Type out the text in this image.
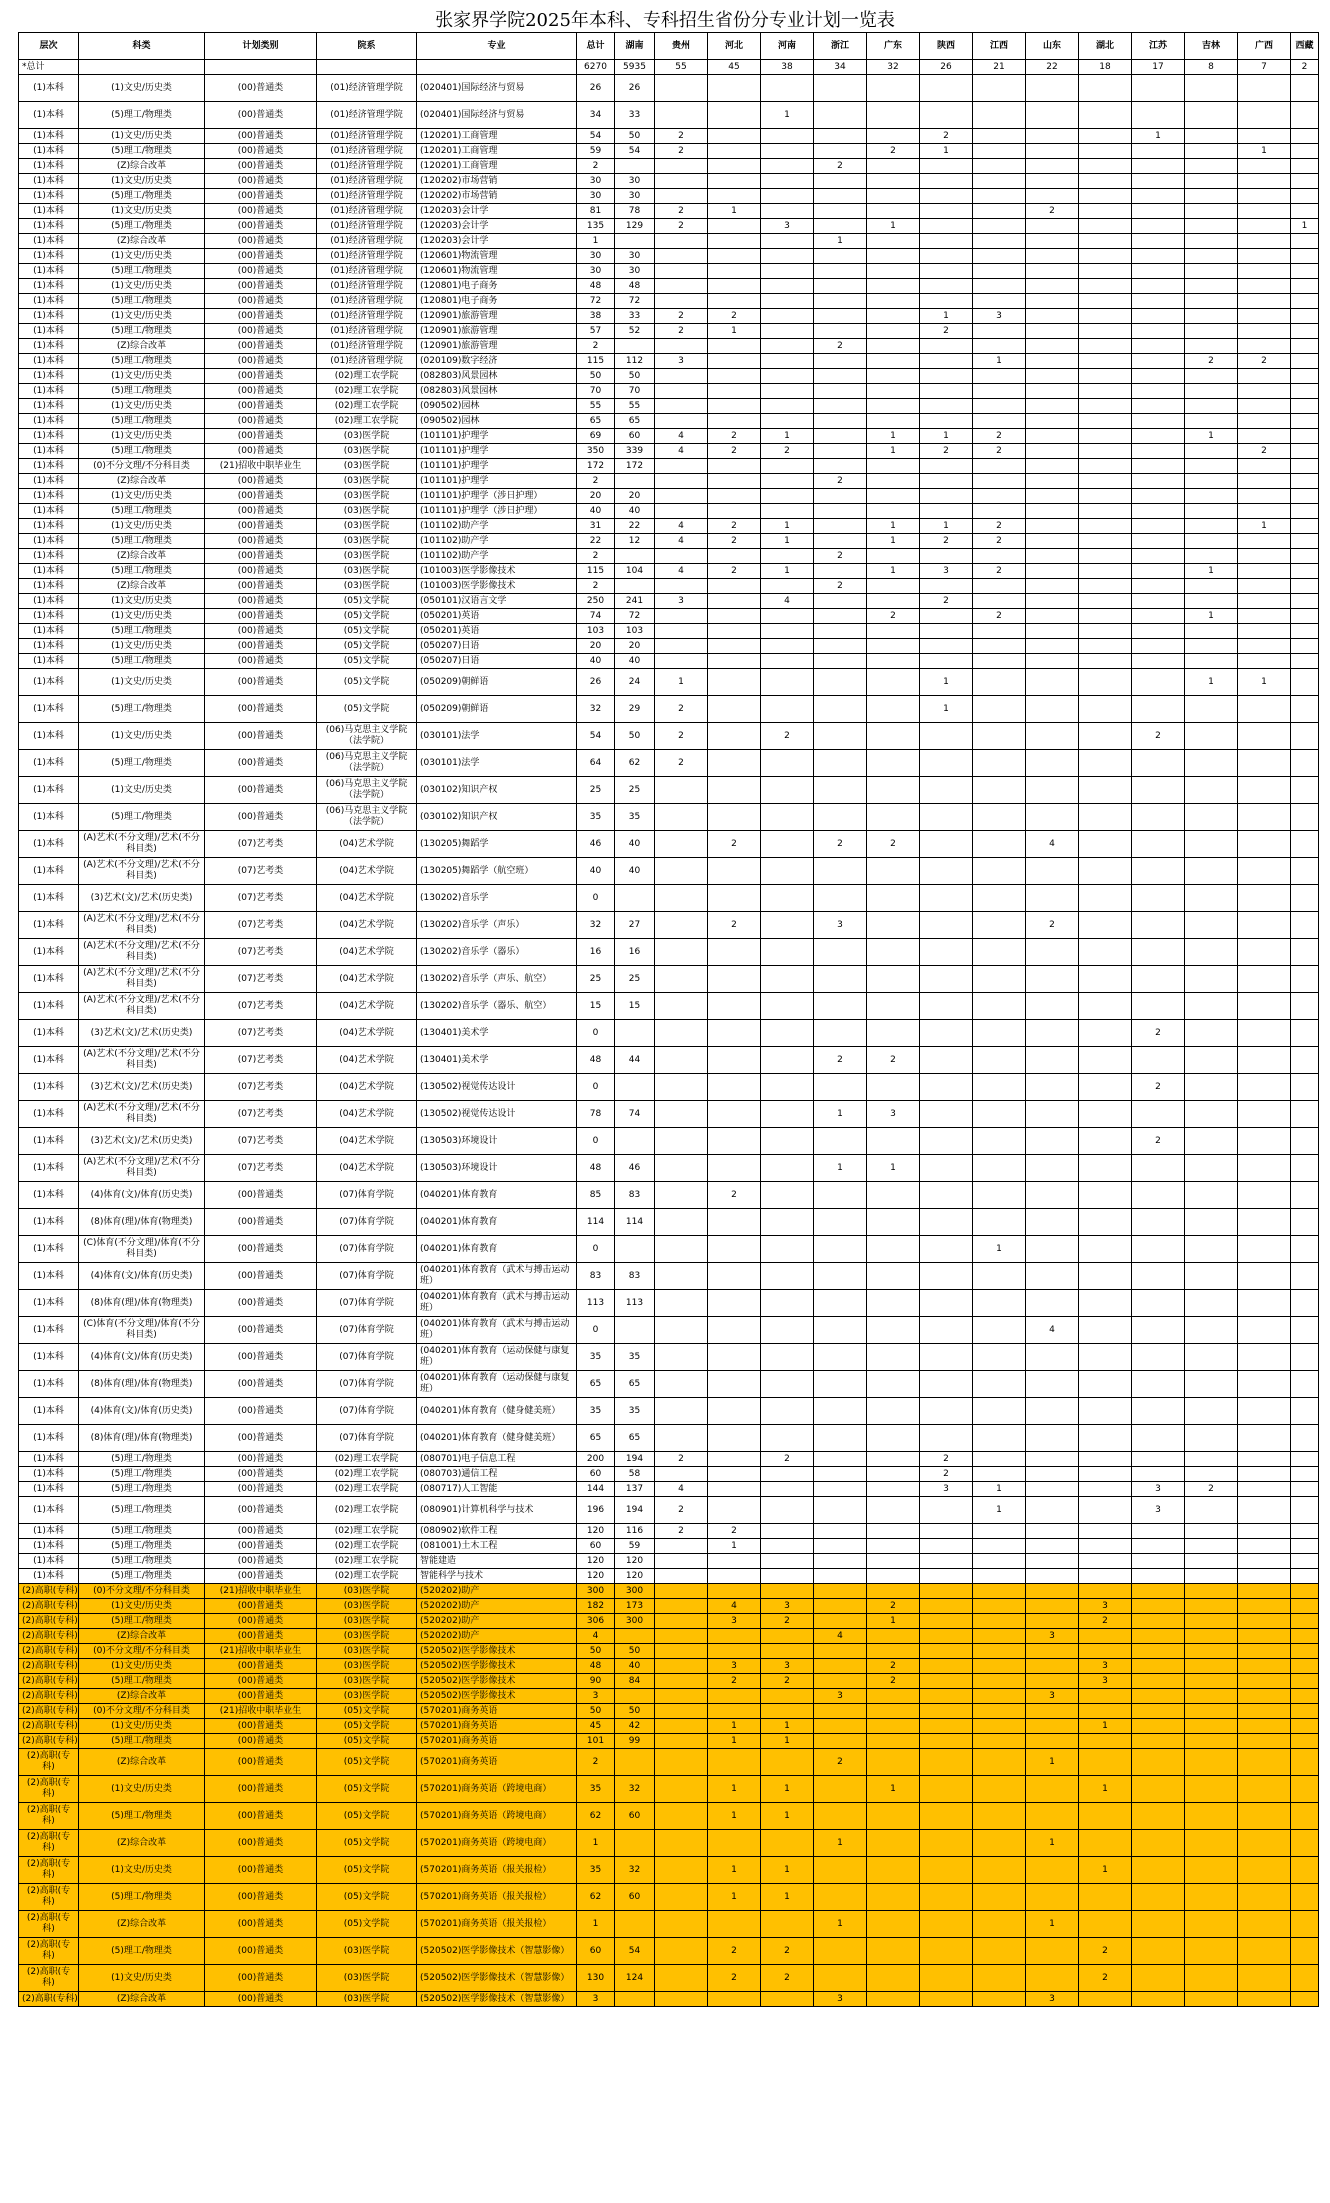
张家界学院2025年本科、专科招生省份分专业计划一览表
层次	科类	计划类别	院系	专业	总计	湖南	贵州	河北	河南	浙江	广东	陕西	江西	山东	湖北	江苏	吉林	广西	西藏
*总计					6270	5935	55	45	38	34	32	26	21	22	18	17	8	7	2
(1)本科	(1)文史/历史类	(00)普通类	(01)经济管理学院	(020401)国际经济与贸易	26	26													
(1)本科	(5)理工/物理类	(00)普通类	(01)经济管理学院	(020401)国际经济与贸易	34	33			1										
(1)本科	(1)文史/历史类	(00)普通类	(01)经济管理学院	(120201)工商管理	54	50	2					2				1			
(1)本科	(5)理工/物理类	(00)普通类	(01)经济管理学院	(120201)工商管理	59	54	2				2	1						1	
(1)本科	(Z)综合改革	(00)普通类	(01)经济管理学院	(120201)工商管理	2					2									
(1)本科	(1)文史/历史类	(00)普通类	(01)经济管理学院	(120202)市场营销	30	30													
(1)本科	(5)理工/物理类	(00)普通类	(01)经济管理学院	(120202)市场营销	30	30													
(1)本科	(1)文史/历史类	(00)普通类	(01)经济管理学院	(120203)会计学	81	78	2	1						2					
(1)本科	(5)理工/物理类	(00)普通类	(01)经济管理学院	(120203)会计学	135	129	2		3		1								1
(1)本科	(Z)综合改革	(00)普通类	(01)经济管理学院	(120203)会计学	1					1									
(1)本科	(1)文史/历史类	(00)普通类	(01)经济管理学院	(120601)物流管理	30	30													
(1)本科	(5)理工/物理类	(00)普通类	(01)经济管理学院	(120601)物流管理	30	30													
(1)本科	(1)文史/历史类	(00)普通类	(01)经济管理学院	(120801)电子商务	48	48													
(1)本科	(5)理工/物理类	(00)普通类	(01)经济管理学院	(120801)电子商务	72	72													
(1)本科	(1)文史/历史类	(00)普通类	(01)经济管理学院	(120901)旅游管理	38	33	2	2				1	3						
(1)本科	(5)理工/物理类	(00)普通类	(01)经济管理学院	(120901)旅游管理	57	52	2	1				2							
(1)本科	(Z)综合改革	(00)普通类	(01)经济管理学院	(120901)旅游管理	2					2									
(1)本科	(5)理工/物理类	(00)普通类	(01)经济管理学院	(020109)数字经济	115	112	3						1				2	2	
(1)本科	(1)文史/历史类	(00)普通类	(02)理工农学院	(082803)风景园林	50	50													
(1)本科	(5)理工/物理类	(00)普通类	(02)理工农学院	(082803)风景园林	70	70													
(1)本科	(1)文史/历史类	(00)普通类	(02)理工农学院	(090502)园林	55	55													
(1)本科	(5)理工/物理类	(00)普通类	(02)理工农学院	(090502)园林	65	65													
(1)本科	(1)文史/历史类	(00)普通类	(03)医学院	(101101)护理学	69	60	4	2	1		1	1	2				1		
(1)本科	(5)理工/物理类	(00)普通类	(03)医学院	(101101)护理学	350	339	4	2	2		1	2	2					2	
(1)本科	(0)不分文理/不分科目类	(21)招收中职毕业生	(03)医学院	(101101)护理学	172	172													
(1)本科	(Z)综合改革	(00)普通类	(03)医学院	(101101)护理学	2					2									
(1)本科	(1)文史/历史类	(00)普通类	(03)医学院	(101101)护理学（涉日护理）	20	20													
(1)本科	(5)理工/物理类	(00)普通类	(03)医学院	(101101)护理学（涉日护理）	40	40													
(1)本科	(1)文史/历史类	(00)普通类	(03)医学院	(101102)助产学	31	22	4	2	1		1	1	2					1	
(1)本科	(5)理工/物理类	(00)普通类	(03)医学院	(101102)助产学	22	12	4	2	1		1	2	2						
(1)本科	(Z)综合改革	(00)普通类	(03)医学院	(101102)助产学	2					2									
(1)本科	(5)理工/物理类	(00)普通类	(03)医学院	(101003)医学影像技术	115	104	4	2	1		1	3	2				1		
(1)本科	(Z)综合改革	(00)普通类	(03)医学院	(101003)医学影像技术	2					2									
(1)本科	(1)文史/历史类	(00)普通类	(05)文学院	(050101)汉语言文学	250	241	3		4			2							
(1)本科	(1)文史/历史类	(00)普通类	(05)文学院	(050201)英语	74	72					2		2				1		
(1)本科	(5)理工/物理类	(00)普通类	(05)文学院	(050201)英语	103	103													
(1)本科	(1)文史/历史类	(00)普通类	(05)文学院	(050207)日语	20	20													
(1)本科	(5)理工/物理类	(00)普通类	(05)文学院	(050207)日语	40	40													
(1)本科	(1)文史/历史类	(00)普通类	(05)文学院	(050209)朝鲜语	26	24	1					1					1	1	
(1)本科	(5)理工/物理类	(00)普通类	(05)文学院	(050209)朝鲜语	32	29	2					1							
(1)本科	(1)文史/历史类	(00)普通类	(06)马克思主义学院（法学院）	(030101)法学	54	50	2		2							2			
(1)本科	(5)理工/物理类	(00)普通类	(06)马克思主义学院（法学院）	(030101)法学	64	62	2												
(1)本科	(1)文史/历史类	(00)普通类	(06)马克思主义学院（法学院）	(030102)知识产权	25	25													
(1)本科	(5)理工/物理类	(00)普通类	(06)马克思主义学院（法学院）	(030102)知识产权	35	35													
(1)本科	(A)艺术(不分文理)/艺术(不分科目类)	(07)艺考类	(04)艺术学院	(130205)舞蹈学	46	40		2		2	2			4					
(1)本科	(A)艺术(不分文理)/艺术(不分科目类)	(07)艺考类	(04)艺术学院	(130205)舞蹈学（航空班）	40	40													
(1)本科	(3)艺术(文)/艺术(历史类)	(07)艺考类	(04)艺术学院	(130202)音乐学	0														
(1)本科	(A)艺术(不分文理)/艺术(不分科目类)	(07)艺考类	(04)艺术学院	(130202)音乐学（声乐）	32	27		2		3				2					
(1)本科	(A)艺术(不分文理)/艺术(不分科目类)	(07)艺考类	(04)艺术学院	(130202)音乐学（器乐）	16	16													
(1)本科	(A)艺术(不分文理)/艺术(不分科目类)	(07)艺考类	(04)艺术学院	(130202)音乐学（声乐、航空）	25	25													
(1)本科	(A)艺术(不分文理)/艺术(不分科目类)	(07)艺考类	(04)艺术学院	(130202)音乐学（器乐、航空）	15	15													
(1)本科	(3)艺术(文)/艺术(历史类)	(07)艺考类	(04)艺术学院	(130401)美术学	0											2			
(1)本科	(A)艺术(不分文理)/艺术(不分科目类)	(07)艺考类	(04)艺术学院	(130401)美术学	48	44				2	2								
(1)本科	(3)艺术(文)/艺术(历史类)	(07)艺考类	(04)艺术学院	(130502)视觉传达设计	0											2			
(1)本科	(A)艺术(不分文理)/艺术(不分科目类)	(07)艺考类	(04)艺术学院	(130502)视觉传达设计	78	74				1	3								
(1)本科	(3)艺术(文)/艺术(历史类)	(07)艺考类	(04)艺术学院	(130503)环境设计	0											2			
(1)本科	(A)艺术(不分文理)/艺术(不分科目类)	(07)艺考类	(04)艺术学院	(130503)环境设计	48	46				1	1								
(1)本科	(4)体育(文)/体育(历史类)	(00)普通类	(07)体育学院	(040201)体育教育	85	83		2											
(1)本科	(8)体育(理)/体育(物理类)	(00)普通类	(07)体育学院	(040201)体育教育	114	114													
(1)本科	(C)体育(不分文理)/体育(不分科目类)	(00)普通类	(07)体育学院	(040201)体育教育	0								1						
(1)本科	(4)体育(文)/体育(历史类)	(00)普通类	(07)体育学院	(040201)体育教育（武术与搏击运动班）	83	83													
(1)本科	(8)体育(理)/体育(物理类)	(00)普通类	(07)体育学院	(040201)体育教育（武术与搏击运动班）	113	113													
(1)本科	(C)体育(不分文理)/体育(不分科目类)	(00)普通类	(07)体育学院	(040201)体育教育（武术与搏击运动班）	0									4					
(1)本科	(4)体育(文)/体育(历史类)	(00)普通类	(07)体育学院	(040201)体育教育（运动保健与康复班）	35	35													
(1)本科	(8)体育(理)/体育(物理类)	(00)普通类	(07)体育学院	(040201)体育教育（运动保健与康复班）	65	65													
(1)本科	(4)体育(文)/体育(历史类)	(00)普通类	(07)体育学院	(040201)体育教育（健身健美班）	35	35													
(1)本科	(8)体育(理)/体育(物理类)	(00)普通类	(07)体育学院	(040201)体育教育（健身健美班）	65	65													
(1)本科	(5)理工/物理类	(00)普通类	(02)理工农学院	(080701)电子信息工程	200	194	2		2			2							
(1)本科	(5)理工/物理类	(00)普通类	(02)理工农学院	(080703)通信工程	60	58						2							
(1)本科	(5)理工/物理类	(00)普通类	(02)理工农学院	(080717)人工智能	144	137	4					3	1			3	2		
(1)本科	(5)理工/物理类	(00)普通类	(02)理工农学院	(080901)计算机科学与技术	196	194	2						1			3			
(1)本科	(5)理工/物理类	(00)普通类	(02)理工农学院	(080902)软件工程	120	116	2	2											
(1)本科	(5)理工/物理类	(00)普通类	(02)理工农学院	(081001)土木工程	60	59		1											
(1)本科	(5)理工/物理类	(00)普通类	(02)理工农学院	智能建造	120	120													
(1)本科	(5)理工/物理类	(00)普通类	(02)理工农学院	智能科学与技术	120	120													
(2)高职(专科)	(0)不分文理/不分科目类	(21)招收中职毕业生	(03)医学院	(520202)助产	300	300													
(2)高职(专科)	(1)文史/历史类	(00)普通类	(03)医学院	(520202)助产	182	173		4	3		2				3				
(2)高职(专科)	(5)理工/物理类	(00)普通类	(03)医学院	(520202)助产	306	300		3	2		1				2				
(2)高职(专科)	(Z)综合改革	(00)普通类	(03)医学院	(520202)助产	4					4				3					
(2)高职(专科)	(0)不分文理/不分科目类	(21)招收中职毕业生	(03)医学院	(520502)医学影像技术	50	50													
(2)高职(专科)	(1)文史/历史类	(00)普通类	(03)医学院	(520502)医学影像技术	48	40		3	3		2				3				
(2)高职(专科)	(5)理工/物理类	(00)普通类	(03)医学院	(520502)医学影像技术	90	84		2	2		2				3				
(2)高职(专科)	(Z)综合改革	(00)普通类	(03)医学院	(520502)医学影像技术	3					3				3					
(2)高职(专科)	(0)不分文理/不分科目类	(21)招收中职毕业生	(05)文学院	(570201)商务英语	50	50													
(2)高职(专科)	(1)文史/历史类	(00)普通类	(05)文学院	(570201)商务英语	45	42		1	1						1				
(2)高职(专科)	(5)理工/物理类	(00)普通类	(05)文学院	(570201)商务英语	101	99		1	1										
(2)高职(专科)	(Z)综合改革	(00)普通类	(05)文学院	(570201)商务英语	2					2				1					
(2)高职(专科)	(1)文史/历史类	(00)普通类	(05)文学院	(570201)商务英语（跨境电商）	35	32		1	1		1				1				
(2)高职(专科)	(5)理工/物理类	(00)普通类	(05)文学院	(570201)商务英语（跨境电商）	62	60		1	1										
(2)高职(专科)	(Z)综合改革	(00)普通类	(05)文学院	(570201)商务英语（跨境电商）	1					1				1					
(2)高职(专科)	(1)文史/历史类	(00)普通类	(05)文学院	(570201)商务英语（报关报检）	35	32		1	1						1				
(2)高职(专科)	(5)理工/物理类	(00)普通类	(05)文学院	(570201)商务英语（报关报检）	62	60		1	1										
(2)高职(专科)	(Z)综合改革	(00)普通类	(05)文学院	(570201)商务英语（报关报检）	1					1				1					
(2)高职(专科)	(5)理工/物理类	(00)普通类	(03)医学院	(520502)医学影像技术（智慧影像）	60	54		2	2						2				
(2)高职(专科)	(1)文史/历史类	(00)普通类	(03)医学院	(520502)医学影像技术（智慧影像）	130	124		2	2						2				
(2)高职(专科)	(Z)综合改革	(00)普通类	(03)医学院	(520502)医学影像技术（智慧影像）	3					3				3					
